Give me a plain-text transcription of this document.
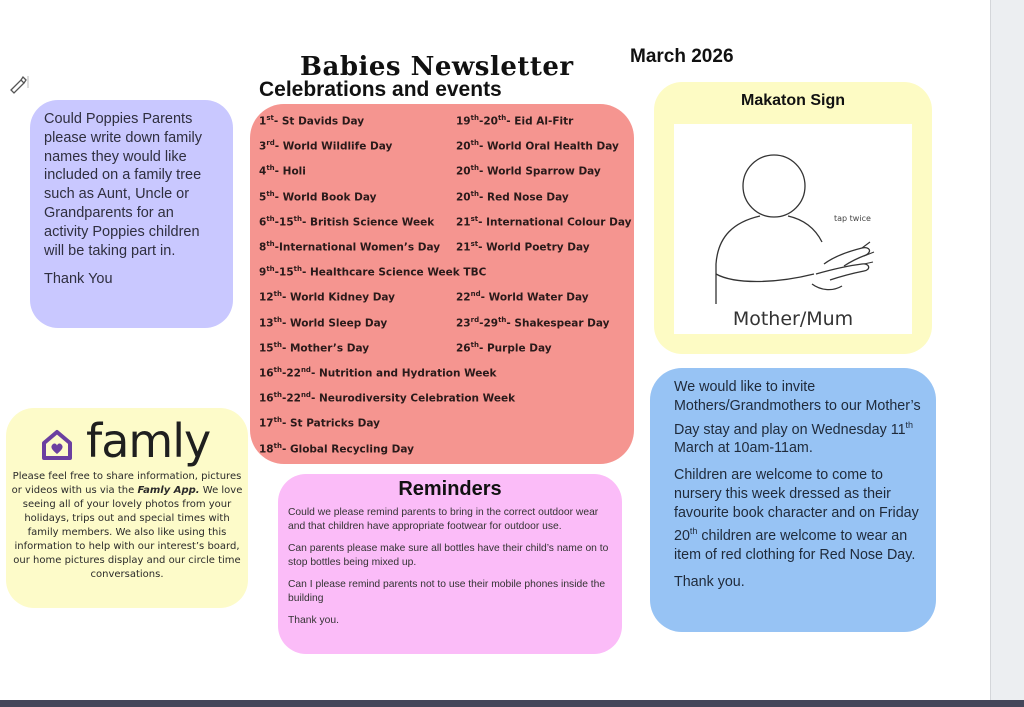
Babies Newsletter
Celebrations and events
March 2026

Could Poppies Parents please write down family names they would like included on a family tree such as Aunt, Uncle or Grandparents for an activity Poppies children will be taking part in.

Thank You

1st- St Davids Day
3rd- World Wildlife Day
4th- Holi
5th- World Book Day
6th-15th- British Science Week
8th-International Women’s Day
9th-15th- Healthcare Science Week TBC
12th- World Kidney Day
13th- World Sleep Day
15th- Mother’s Day
16th-22nd- Nutrition and Hydration Week
16th-22nd- Neurodiversity Celebration Week
17th- St Patricks Day
18th- Global Recycling Day
19th-20th- Eid Al-Fitr
20th- World Oral Health Day
20th- World Sparrow Day
20th- Red Nose Day
21st- International Colour Day
21st- World Poetry Day
22nd- World Water Day
23rd-29th- Shakespear Day
26th- Purple Day
famly
Please feel free to share information, pictures or videos with us via the Famly App. We love seeing all of your lovely photos from your holidays, trips out and special times with family members. We also like using this information to help with our interest’s board, our home pictures display and our circle time conversations.
Reminders

Could we please remind parents to bring in the correct outdoor wear and that children have appropriate footwear for outdoor use.

Can parents please make sure all bottles have their child’s name on to stop bottles being mixed up.

Can I please remind parents not to use their mobile phones inside the building

Thank you.

Makaton Sign
tap twice
Mother/Mum

We would like to invite Mothers/Grandmothers to our Mother’s Day stay and play on Wednesday 11th March at 10am-11am.

Children are welcome to come to nursery this week dressed as their favourite book character and on Friday 20th children are welcome to wear an item of red clothing for Red Nose Day.

Thank you.
